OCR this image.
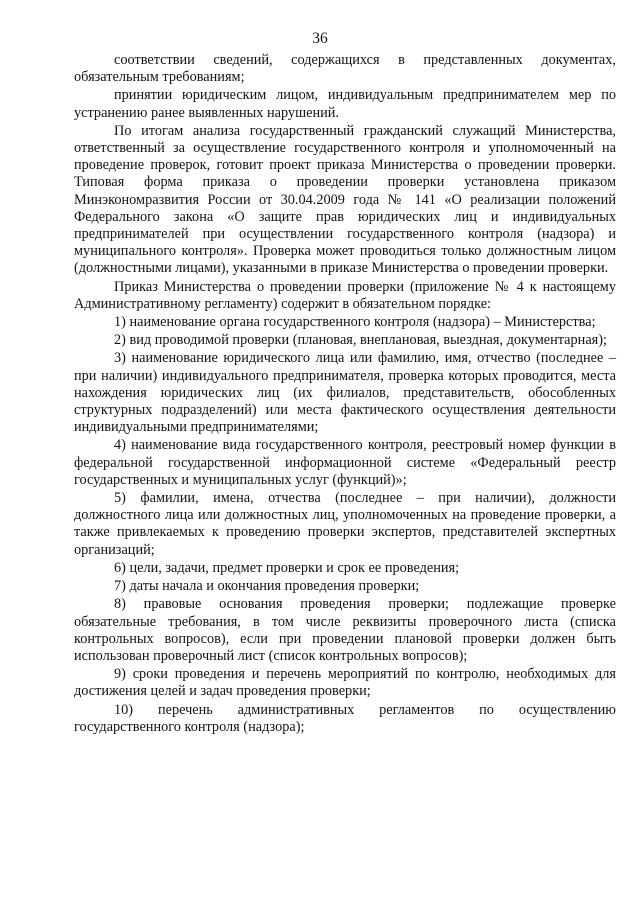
36

соответствии сведений, содержащихся в представленных документах, обязательным требованиям;

принятии юридическим лицом, индивидуальным предпринимателем мер по устранению ранее выявленных нарушений.

По итогам анализа государственный гражданский служащий Министерства, ответственный за осуществление государственного контроля и уполномоченный на проведение проверок, готовит проект приказа Министерства о проведении проверки. Типовая форма приказа о проведении проверки установлена приказом Минэкономразвития России от 30.04.2009 года № 141 «О реализации положений Федерального закона «О защите прав юридических лиц и индивидуальных предпринимателей при осуществлении государственного контроля (надзора) и муниципального контроля». Проверка может проводиться только должностным лицом (должностными лицами), указанными в приказе Министерства о проведении проверки.

Приказ Министерства о проведении проверки (приложение № 4 к настоящему Административному регламенту) содержит в обязательном порядке:

1) наименование органа государственного контроля (надзора) – Министерства;

2) вид проводимой проверки (плановая, внеплановая, выездная, документарная);

3) наименование юридического лица или фамилию, имя, отчество (последнее – при наличии) индивидуального предпринимателя, проверка которых проводится, места нахождения юридических лиц (их филиалов, представительств, обособленных структурных подразделений) или места фактического осуществления деятельности индивидуальными предпринимателями;

4) наименование вида государственного контроля, реестровый номер функции в федеральной государственной информационной системе «Федеральный реестр государственных и муниципальных услуг (функций)»;

5) фамилии, имена, отчества (последнее – при наличии), должности должностного лица или должностных лиц, уполномоченных на проведение проверки, а также привлекаемых к проведению проверки экспертов, представителей экспертных организаций;

6) цели, задачи, предмет проверки и срок ее проведения;

7) даты начала и окончания проведения проверки;

8) правовые основания проведения проверки; подлежащие проверке обязательные требования, в том числе реквизиты проверочного листа (списка контрольных вопросов), если при проведении плановой проверки должен быть использован проверочный лист (список контрольных вопросов);

9) сроки проведения и перечень мероприятий по контролю, необходимых для достижения целей и задач проведения проверки;

10) перечень административных регламентов по осуществлению государственного контроля (надзора);
